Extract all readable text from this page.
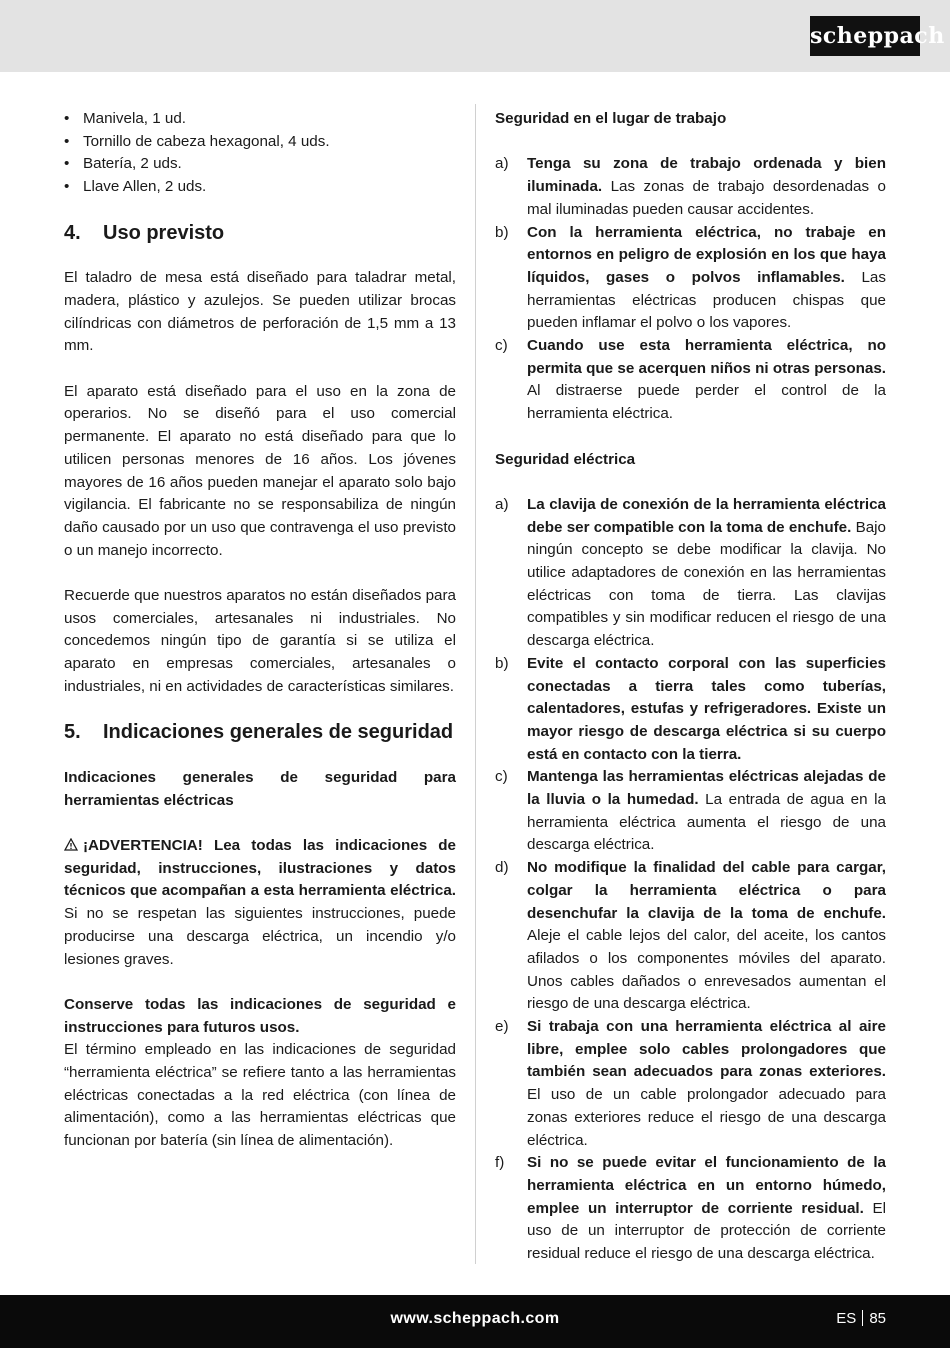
scheppach
• Manivela, 1 ud.
• Tornillo de cabeza hexagonal, 4 uds.
• Batería, 2 uds.
• Llave Allen, 2 uds.
4.	Uso previsto

El taladro de mesa está diseñado para taladrar metal, madera, plástico y azulejos. Se pueden utilizar brocas cilíndricas con diámetros de perforación de 1,5 mm a 13 mm.

El aparato está diseñado para el uso en la zona de operarios. No se diseñó para el uso comercial permanente. El aparato no está diseñado para que lo utilicen personas menores de 16 años. Los jóvenes mayores de 16 años pueden manejar el aparato solo bajo vigilancia. El fabricante no se responsabiliza de ningún daño causado por un uso que contravenga el uso previsto o un manejo incorrecto.

Recuerde que nuestros aparatos no están diseñados para usos comerciales, artesanales ni industriales. No concedemos ningún tipo de garantía si se utiliza el aparato en empresas comerciales, artesanales o industriales, ni en actividades de características similares.

5.	Indicaciones generales de seguridad

Indicaciones generales de seguridad para herramientas eléctricas

¡ADVERTENCIA! Lea todas las indicaciones de seguridad, instrucciones, ilustraciones y datos técnicos que acompañan a esta herramienta eléctrica. Si no se respetan las siguientes instrucciones, puede producirse una descarga eléctrica, un incendio y/o lesiones graves.

Conserve todas las indicaciones de seguridad e instrucciones para futuros usos.

El término empleado en las indicaciones de seguridad “herramienta eléctrica” se refiere tanto a las herramientas eléctricas conectadas a la red eléctrica (con línea de alimentación), como a las herramientas eléctricas que funcionan por batería (sin línea de alimentación).

Seguridad en el lugar de trabajo

a)	Tenga su zona de trabajo ordenada y bien iluminada. Las zonas de trabajo desordenadas o mal iluminadas pueden causar accidentes.
b)	Con la herramienta eléctrica, no trabaje en entornos en peligro de explosión en los que haya líquidos, gases o polvos inflamables. Las herramientas eléctricas producen chispas que pueden inflamar el polvo o los vapores.
c)	Cuando use esta herramienta eléctrica, no permita que se acerquen niños ni otras personas. Al distraerse puede perder el control de la herramienta eléctrica.

Seguridad eléctrica

a)	La clavija de conexión de la herramienta eléctrica debe ser compatible con la toma de enchufe. Bajo ningún concepto se debe modificar la clavija. No utilice adaptadores de conexión en las herramientas eléctricas con toma de tierra. Las clavijas compatibles y sin modificar reducen el riesgo de una descarga eléctrica.
b)	Evite el contacto corporal con las superficies conectadas a tierra tales como tuberías, calentadores, estufas y refrigeradores. Existe un mayor riesgo de descarga eléctrica si su cuerpo está en contacto con la tierra.
c)	Mantenga las herramientas eléctricas alejadas de la lluvia o la humedad. La entrada de agua en la herramienta eléctrica aumenta el riesgo de una descarga eléctrica.
d)	No modifique la finalidad del cable para cargar, colgar la herramienta eléctrica o para desenchufar la clavija de la toma de enchufe. Aleje el cable lejos del calor, del aceite, los cantos afilados o los componentes móviles del aparato. Unos cables dañados o enrevesados aumentan el riesgo de una descarga eléctrica.
e)	Si trabaja con una herramienta eléctrica al aire libre, emplee solo cables prolongadores que también sean adecuados para zonas exteriores. El uso de un cable prolongador adecuado para zonas exteriores reduce el riesgo de una descarga eléctrica.
f)	Si no se puede evitar el funcionamiento de la herramienta eléctrica en un entorno húmedo, emplee un interruptor de corriente residual. El uso de un interruptor de protección de corriente residual reduce el riesgo de una descarga eléctrica.
www.scheppach.com	ES 85
